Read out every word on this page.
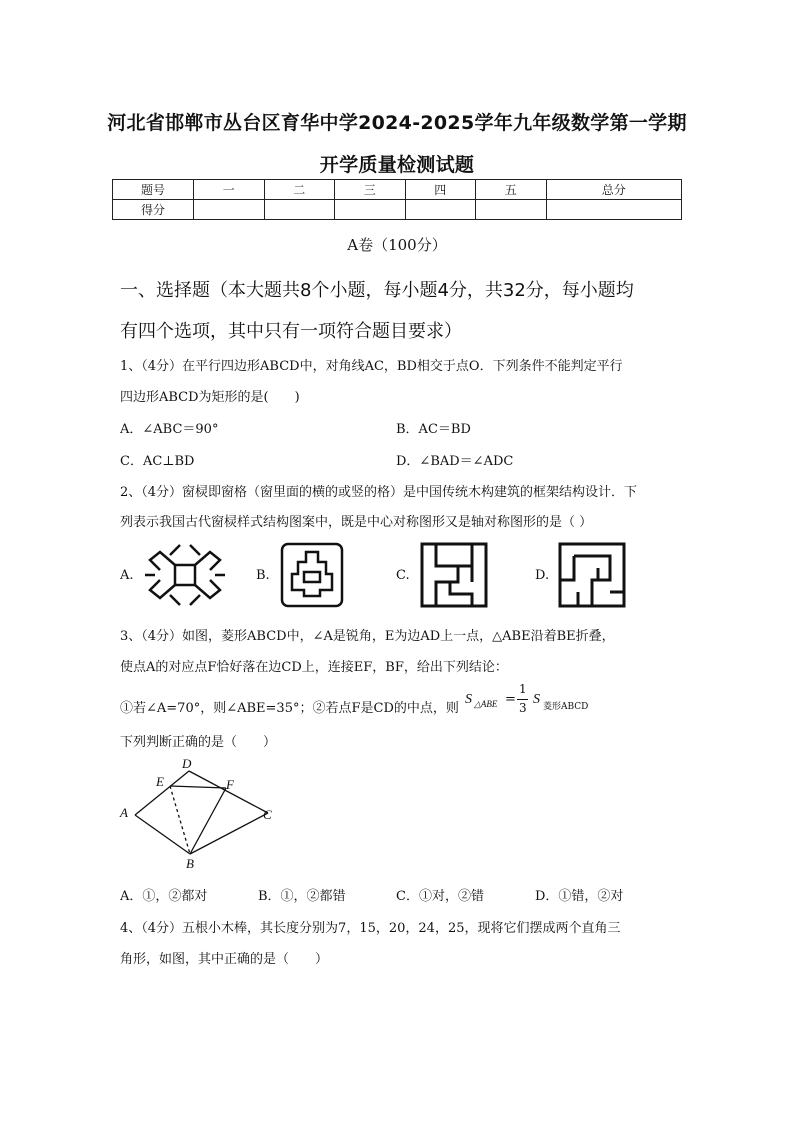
河北省邯郸市丛台区育华中学2024-2025学年九年级数学第一学期
开学质量检测试题
题号	一	二	三	四	五	总分
得分						
A卷（100分）
一、选择题（本大题共8个小题，每小题4分，共32分，每小题均
有四个选项，其中只有一项符合题目要求）
1、（4分）在平行四边形ABCD中，对角线AC，BD相交于点O．下列条件不能判定平行
四边形ABCD为矩形的是(　　)
A．∠ABC＝90°	B．AC＝BD
C．AC⊥BD	D．∠BAD＝∠ADC
2、（4分）窗棂即窗格（窗里面的横的或竖的格）是中国传统木构建筑的框架结构设计．下
列表示我国古代窗棂样式结构图案中，既是中心对称图形又是轴对称图形的是（ ）
A.	B.	C.	D.
3、（4分）如图，菱形ABCD中，∠A是锐角，E为边AD上一点，△ABE沿着BE折叠，
使点A的对应点F恰好落在边CD上，连接EF，BF，给出下列结论：
①若∠A=70°，则∠ABE=35°；②若点F是CD的中点，则
S △ABE =
1
3
S 菱形ABCD
下列判断正确的是（　　）
D
E	F
A	C
B
A．①，②都对	B．①，②都错	C．①对，②错	D．①错，②对
4、（4分）五根小木棒，其长度分别为7，15，20，24，25，现将它们摆成两个直角三
角形，如图，其中正确的是（　　）
